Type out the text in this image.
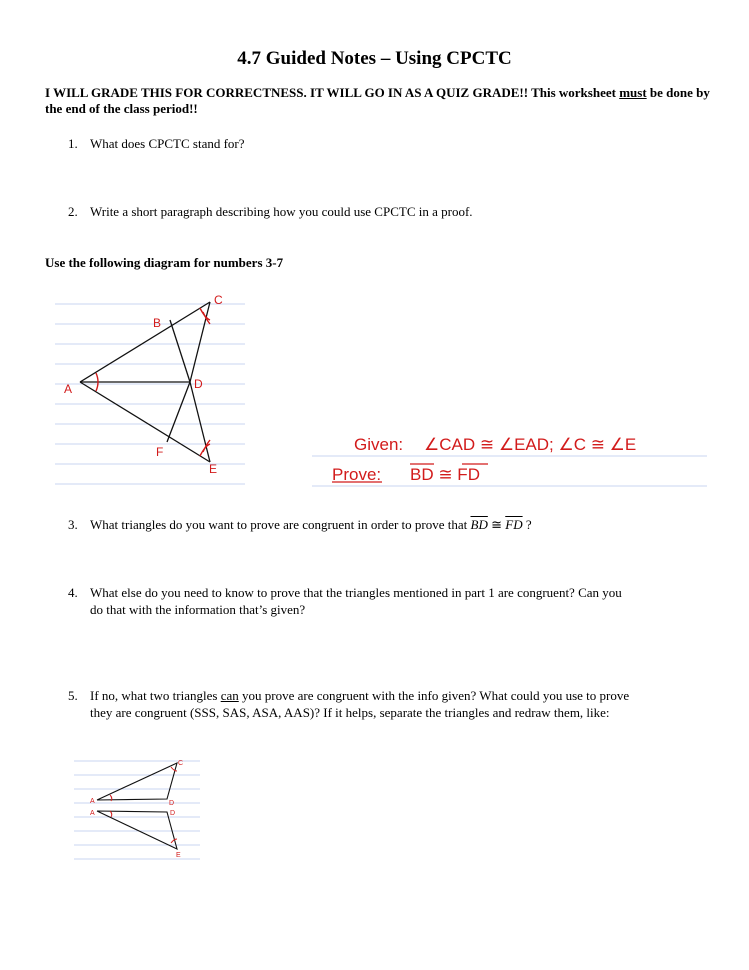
4.7 Guided Notes – Using CPCTC
I WILL GRADE THIS FOR CORRECTNESS. IT WILL GO IN AS A QUIZ GRADE!! This worksheet must be done by the end of the class period!!
1. What does CPCTC stand for?
2. Write a short paragraph describing how you could use CPCTC in a proof.
Use the following diagram for numbers 3-7
C
B
A	D
F
E
Given: ∠CAD ≅ ∠EAD; ∠C ≅ ∠E
Prove: BD ≅ FD
3. What triangles do you want to prove are congruent in order to prove that $\overline{BD}$ ≅ $\overline{FD}$ ?
4. What else do you need to know to prove that the triangles mentioned in part 1 are congruent? Can you
do that with the information that’s given?
5. If no, what two triangles can you prove are congruent with the info given? What could you use to prove
they are congruent (SSS, SAS, ASA, AAS)? If it helps, separate the triangles and redraw them, like:
C
A	D
A	D
E
